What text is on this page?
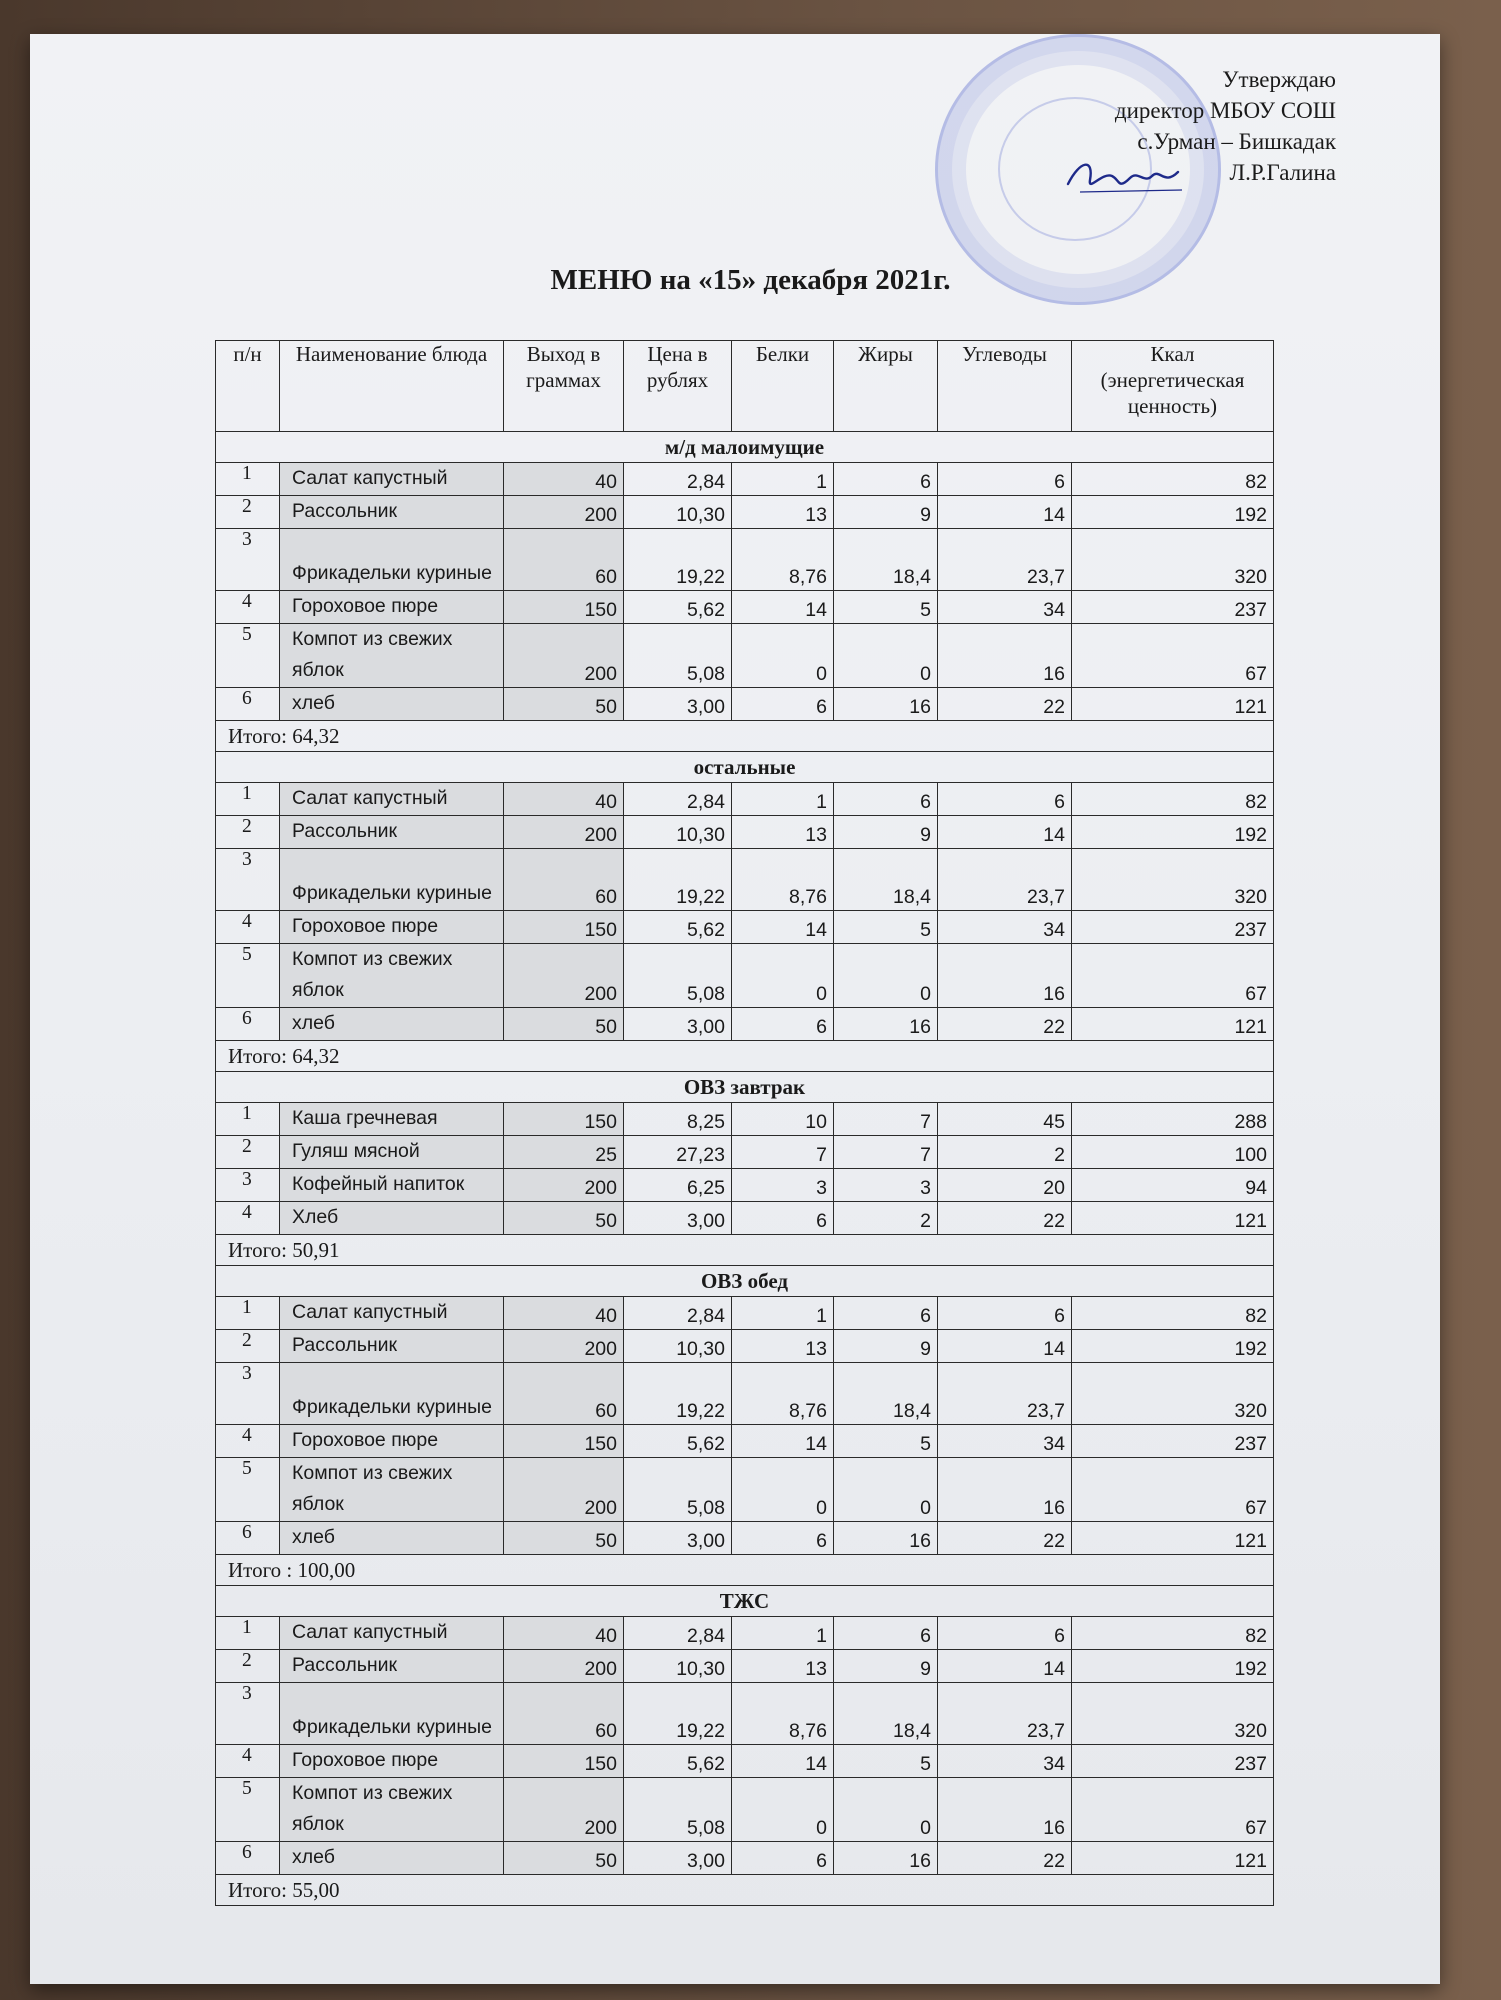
Утверждаю
директор МБОУ СОШ
с.Урман – Бишкадак
Л.Р.Галина
МЕНЮ на «15» декабря 2021г.
п/н	Наименование блюда	Выход в граммах	Цена в рублях	Белки	Жиры	Углеводы	Ккал (энергетическая ценность)
м/д малоимущие							
1	Салат капустный	40	2,84	1	6	6	82
2	Рассольник	200	10,30	13	9	14	192
3	Фрикадельки куриные	60	19,22	8,76	18,4	23,7	320
4	Гороховое пюре	150	5,62	14	5	34	237
5	Компот из свежих яблок	200	5,08	0	0	16	67
6	хлеб	50	3,00	6	16	22	121
Итого: 64,32							
остальные							
1	Салат капустный	40	2,84	1	6	6	82
2	Рассольник	200	10,30	13	9	14	192
3	Фрикадельки куриные	60	19,22	8,76	18,4	23,7	320
4	Гороховое пюре	150	5,62	14	5	34	237
5	Компот из свежих яблок	200	5,08	0	0	16	67
6	хлеб	50	3,00	6	16	22	121
Итого: 64,32							
ОВЗ завтрак							
1	Каша гречневая	150	8,25	10	7	45	288
2	Гуляш мясной	25	27,23	7	7	2	100
3	Кофейный напиток	200	6,25	3	3	20	94
4	Хлеб	50	3,00	6	2	22	121
Итого: 50,91							
ОВЗ обед							
1	Салат капустный	40	2,84	1	6	6	82
2	Рассольник	200	10,30	13	9	14	192
3	Фрикадельки куриные	60	19,22	8,76	18,4	23,7	320
4	Гороховое пюре	150	5,62	14	5	34	237
5	Компот из свежих яблок	200	5,08	0	0	16	67
6	хлеб	50	3,00	6	16	22	121
Итого : 100,00							
ТЖС							
1	Салат капустный	40	2,84	1	6	6	82
2	Рассольник	200	10,30	13	9	14	192
3	Фрикадельки куриные	60	19,22	8,76	18,4	23,7	320
4	Гороховое пюре	150	5,62	14	5	34	237
5	Компот из свежих яблок	200	5,08	0	0	16	67
6	хлеб	50	3,00	6	16	22	121
Итого: 55,00							
